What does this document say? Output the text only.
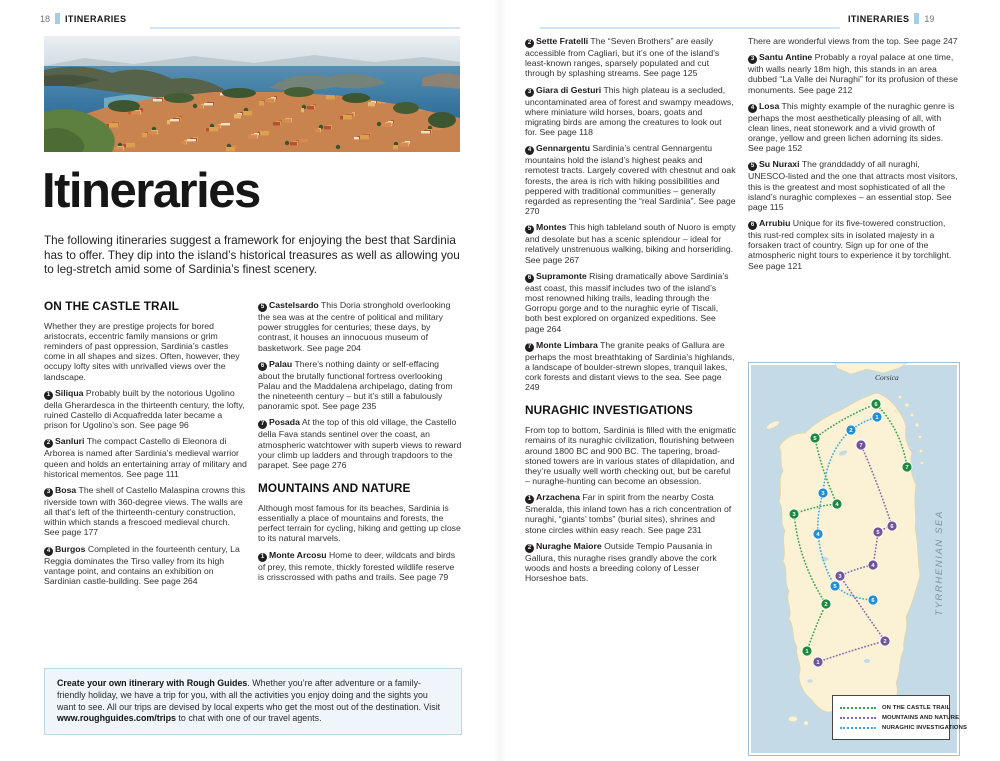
18 ITINERARIES	ITINERARIES 19
Itineraries

The following itineraries suggest a framework for enjoying the best that Sardinia has to offer. They dip into the island’s historical treasures as well as allowing you to leg-stretch amid some of Sardinia’s finest scenery.

ON THE CASTLE TRAIL

Whether they are prestige projects for bored aristocrats, eccentric family mansions or grim reminders of past oppression, Sardinia’s castles come in all shapes and sizes. Often, however, they occupy lofty sites with unrivalled views over the landscape.

1 Siliqua Probably built by the notorious Ugolino della Gherardesca in the thirteenth century, the lofty, ruined Castello di Acquafredda later became a prison for Ugolino’s son. See page 96

2 Sanluri The compact Castello di Eleonora di Arborea is named after Sardinia’s medieval warrior queen and holds an entertaining array of military and historical mementos. See page 111

3 Bosa The shell of Castello Malaspina crowns this riverside town with 360-degree views. The walls are all that’s left of the thirteenth-century construction, within which stands a frescoed medieval church. See page 177

4 Burgos Completed in the fourteenth century, La Reggia dominates the Tirso valley from its high vantage point, and contains an exhibition on Sardinian castle-building. See page 264

5 Castelsardo This Doria stronghold overlooking the sea was at the centre of political and military power struggles for centuries; these days, by contrast, it houses an innocuous museum of basketwork. See page 204

6 Palau There’s nothing dainty or self-effacing about the brutally functional fortress overlooking Palau and the Maddalena archipelago, dating from the nineteenth century – but it’s still a fabulously panoramic spot. See page 235

7 Posada At the top of this old village, the Castello della Fava stands sentinel over the coast, an atmospheric watchtower with superb views to reward your climb up ladders and through trapdoors to the parapet. See page 276

MOUNTAINS AND NATURE

Although most famous for its beaches, Sardinia is essentially a place of mountains and forests, the perfect terrain for cycling, hiking and getting up close to its natural marvels.

1 Monte Arcosu Home to deer, wildcats and birds of prey, this remote, thickly forested wildlife reserve is crisscrossed with paths and trails. See page 79

Create your own itinerary with Rough Guides. Whether you’re after adventure or a family-friendly holiday, we have a trip for you, with all the activities you enjoy doing and the sights you want to see. All our trips are devised by local experts who get the most out of the destination. Visit www.roughguides.com/trips to chat with one of our travel agents.

2 Sette Fratelli The “Seven Brothers” are easily accessible from Cagliari, but it’s one of the island’s least-known ranges, sparsely populated and cut through by splashing streams. See page 125

3 Giara di Gesturi This high plateau is a secluded, uncontaminated area of forest and swampy meadows, where miniature wild horses, boars, goats and migrating birds are among the creatures to look out for. See page 118

4 Gennargentu Sardinia’s central Gennargentu mountains hold the island’s highest peaks and remotest tracts. Largely covered with chestnut and oak forests, the area is rich with hiking possibilities and peppered with traditional communities – generally regarded as representing the “real Sardinia”. See page 270

5 Montes This high tableland south of Nuoro is empty and desolate but has a scenic splendour – ideal for relatively unstrenuous walking, biking and horseriding. See page 267

6 Supramonte Rising dramatically above Sardinia’s east coast, this massif includes two of the island’s most renowned hiking trails, leading through the Gorropu gorge and to the nuraghic eyrie of Tiscali, both best explored on organized expeditions. See page 264

7 Monte Limbara The granite peaks of Gallura are perhaps the most breathtaking of Sardinia’s highlands, a landscape of boulder-strewn slopes, tranquil lakes, cork forests and distant views to the sea. See page 249

NURAGHIC INVESTIGATIONS

From top to bottom, Sardinia is filled with the enigmatic remains of its nuraghic civilization, flourishing between around 1800 BC and 900 BC. The tapering, broad-stoned towers are in various states of dilapidation, and they’re usually well worth checking out, but be careful – nuraghe-hunting can become an obsession.

1 Arzachena Far in spirit from the nearby Costa Smeralda, this inland town has a rich concentration of nuraghi, “giants’ tombs” (burial sites), shrines and stone circles within easy reach. See page 231

2 Nuraghe Maiore Outside Tempio Pausania in Gallura, this nuraghe rises grandly above the cork woods and hosts a breeding colony of Lesser Horseshoe bats.

There are wonderful views from the top. See page 247

3 Santu Antine Probably a royal palace at one time, with walls nearly 18m high, this stands in an area dubbed “La Valle dei Nuraghi” for its profusion of these monuments. See page 212

4 Losa This mighty example of the nuraghic genre is perhaps the most aesthetically pleasing of all, with clean lines, neat stonework and a vivid growth of orange, yellow and green lichen adorning its sides. See page 152

5 Su Nuraxi The granddaddy of all nuraghi, UNESCO-listed and the one that attracts most visitors, this is the greatest and most sophisticated of all the island’s nuraghic complexes – an essential stop. See page 115

6 Arrubiu Unique for its five-towered construction, this rust-red complex sits in isolated majesty in a forsaken tract of country. Sign up for one of the atmospheric night tours to experience it by torchlight. See page 121

Corsica
1
2
3
4
5
6
7
1
2
3
4
5
6
1
2
3
4
5
6
7
TYRRHENIAN SEA
ON THE CASTLE TRAIL
MOUNTAINS AND NATURE
NURAGHIC INVESTIGATIONS
